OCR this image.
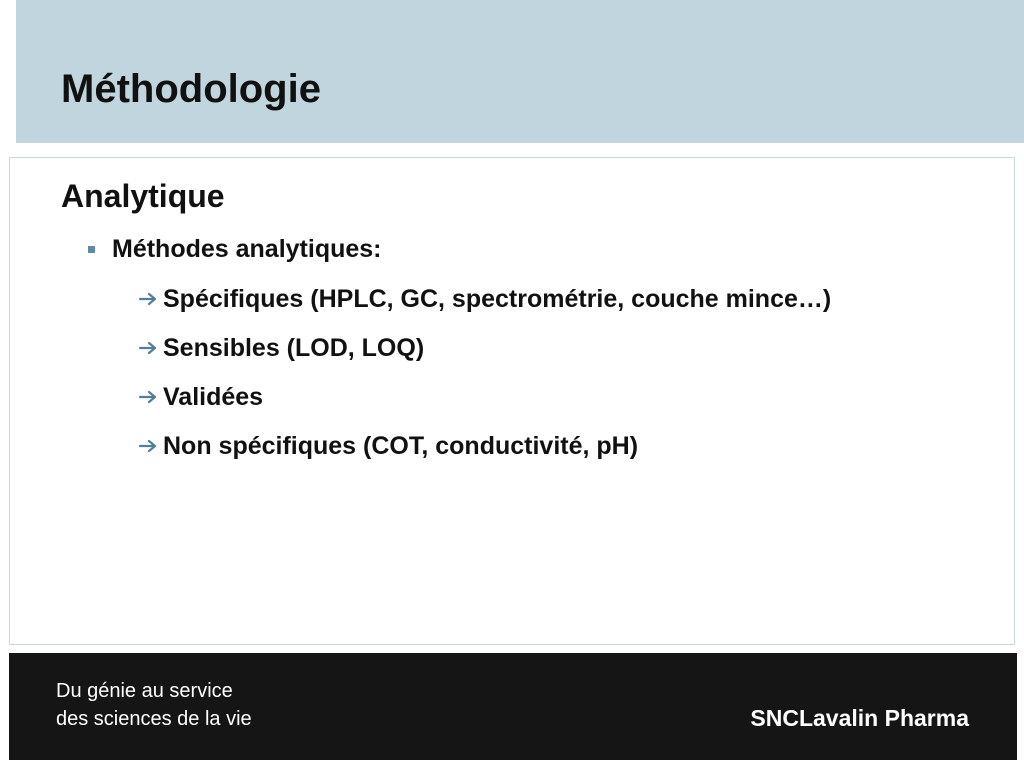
Méthodologie
Analytique
Méthodes analytiques:
Spécifiques (HPLC, GC, spectrométrie, couche mince…)
Sensibles (LOD, LOQ)
Validées
Non spécifiques (COT, conductivité, pH)
Du génie au service
des sciences de la vie	SNCLavalin Pharma
